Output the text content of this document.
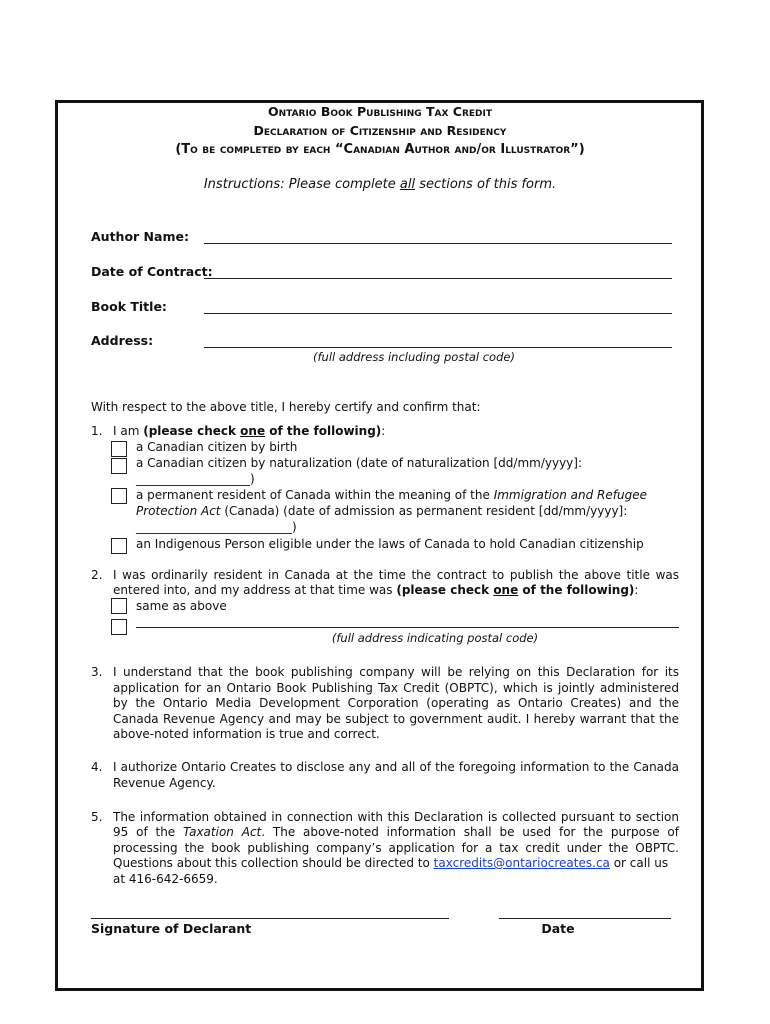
Ontario Book Publishing Tax Credit
Declaration of Citizenship and Residency
(To be completed by each “Canadian Author and/or Illustrator”)
Instructions: Please complete all sections of this form.
Author Name:
Date of Contract:
Book Title:
Address:
(full address including postal code)
With respect to the above title, I hereby certify and confirm that:
1. I am (please check one of the following):
a Canadian citizen by birth
a Canadian citizen by naturalization (date of naturalization [dd/mm/yyyy]:
___________________)
a permanent resident of Canada within the meaning of the Immigration and Refugee
Protection Act (Canada) (date of admission as permanent resident [dd/mm/yyyy]:
__________________________)
an Indigenous Person eligible under the laws of Canada to hold Canadian citizenship
2. I was ordinarily resident in Canada at the time the contract to publish the above title was
entered into, and my address at that time was (please check one of the following):
same as above
(full address indicating postal code)
3. I understand that the book publishing company will be relying on this Declaration for its
application for an Ontario Book Publishing Tax Credit (OBPTC), which is jointly administered
by the Ontario Media Development Corporation (operating as Ontario Creates) and the
Canada Revenue Agency and may be subject to government audit. I hereby warrant that the
above-noted information is true and correct.
4. I authorize Ontario Creates to disclose any and all of the foregoing information to the Canada
Revenue Agency.
5. The information obtained in connection with this Declaration is collected pursuant to section
95 of the Taxation Act. The above-noted information shall be used for the purpose of
processing the book publishing company’s application for a tax credit under the OBPTC.
Questions about this collection should be directed to taxcredits@ontariocreates.ca or call us
at 416-642-6659.
Signature of Declarant	Date
